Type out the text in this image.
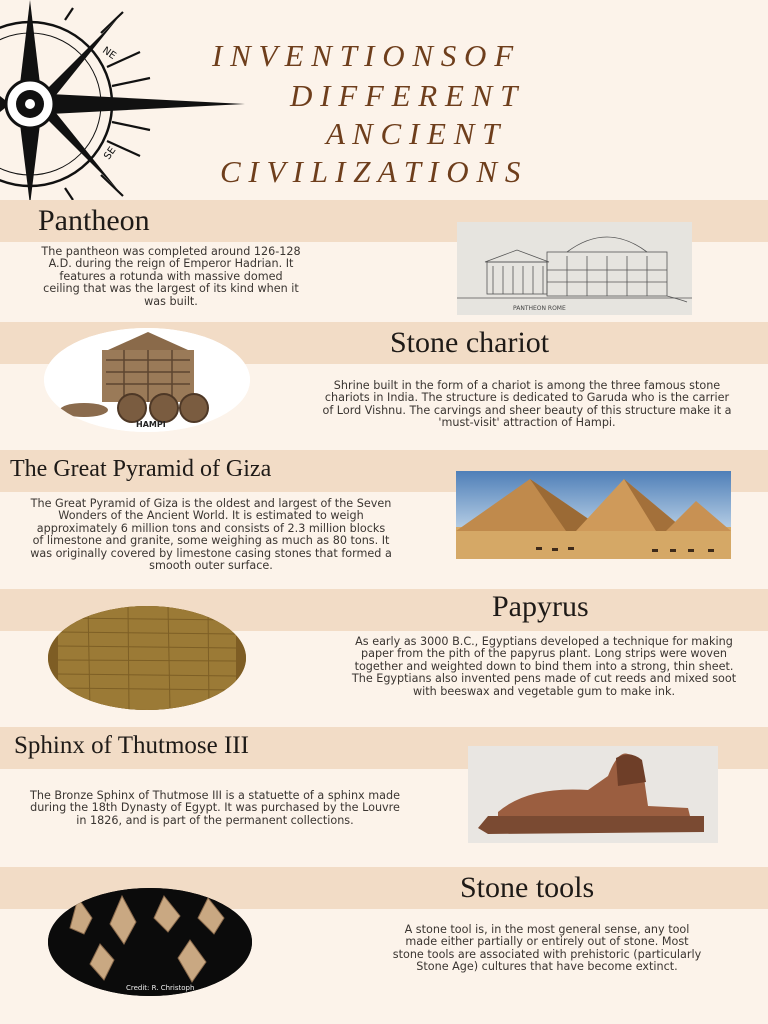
NE
SE
I N V E N T I O N S O F
D I F F E R E N T
A N C I E N T
C I V I L I Z A T I O N S
Pantheon
The pantheon was completed around 126-128 A.D. during the reign of Emperor Hadrian. It features a rotunda with massive domed ceiling that was the largest of its kind when it was built.
PANTHEON ROME
Stone chariot
HAMPI
Shrine built in the form of a chariot is among the three famous stone chariots in India. The structure is dedicated to Garuda who is the carrier of Lord Vishnu. The carvings and sheer beauty of this structure make it a 'must-visit' attraction of Hampi.
The Great Pyramid of Giza
The Great Pyramid of Giza is the oldest and largest of the Seven Wonders of the Ancient World. It is estimated to weigh approximately 6 million tons and consists of 2.3 million blocks of limestone and granite, some weighing as much as 80 tons. It was originally covered by limestone casing stones that formed a smooth outer surface.
Papyrus
As early as 3000 B.C., Egyptians developed a technique for making paper from the pith of the papyrus plant. Long strips were woven together and weighted down to bind them into a strong, thin sheet. The Egyptians also invented pens made of cut reeds and mixed soot with beeswax and vegetable gum to make ink.
Sphinx of Thutmose III
The Bronze Sphinx of Thutmose III is a statuette of a sphinx made during the 18th Dynasty of Egypt. It was purchased by the Louvre in 1826, and is part of the permanent collections.
Stone tools
Credit: R. Christoph
A stone tool is, in the most general sense, any tool made either partially or entirely out of stone. Most stone tools are associated with prehistoric (particularly Stone Age) cultures that have become extinct.
